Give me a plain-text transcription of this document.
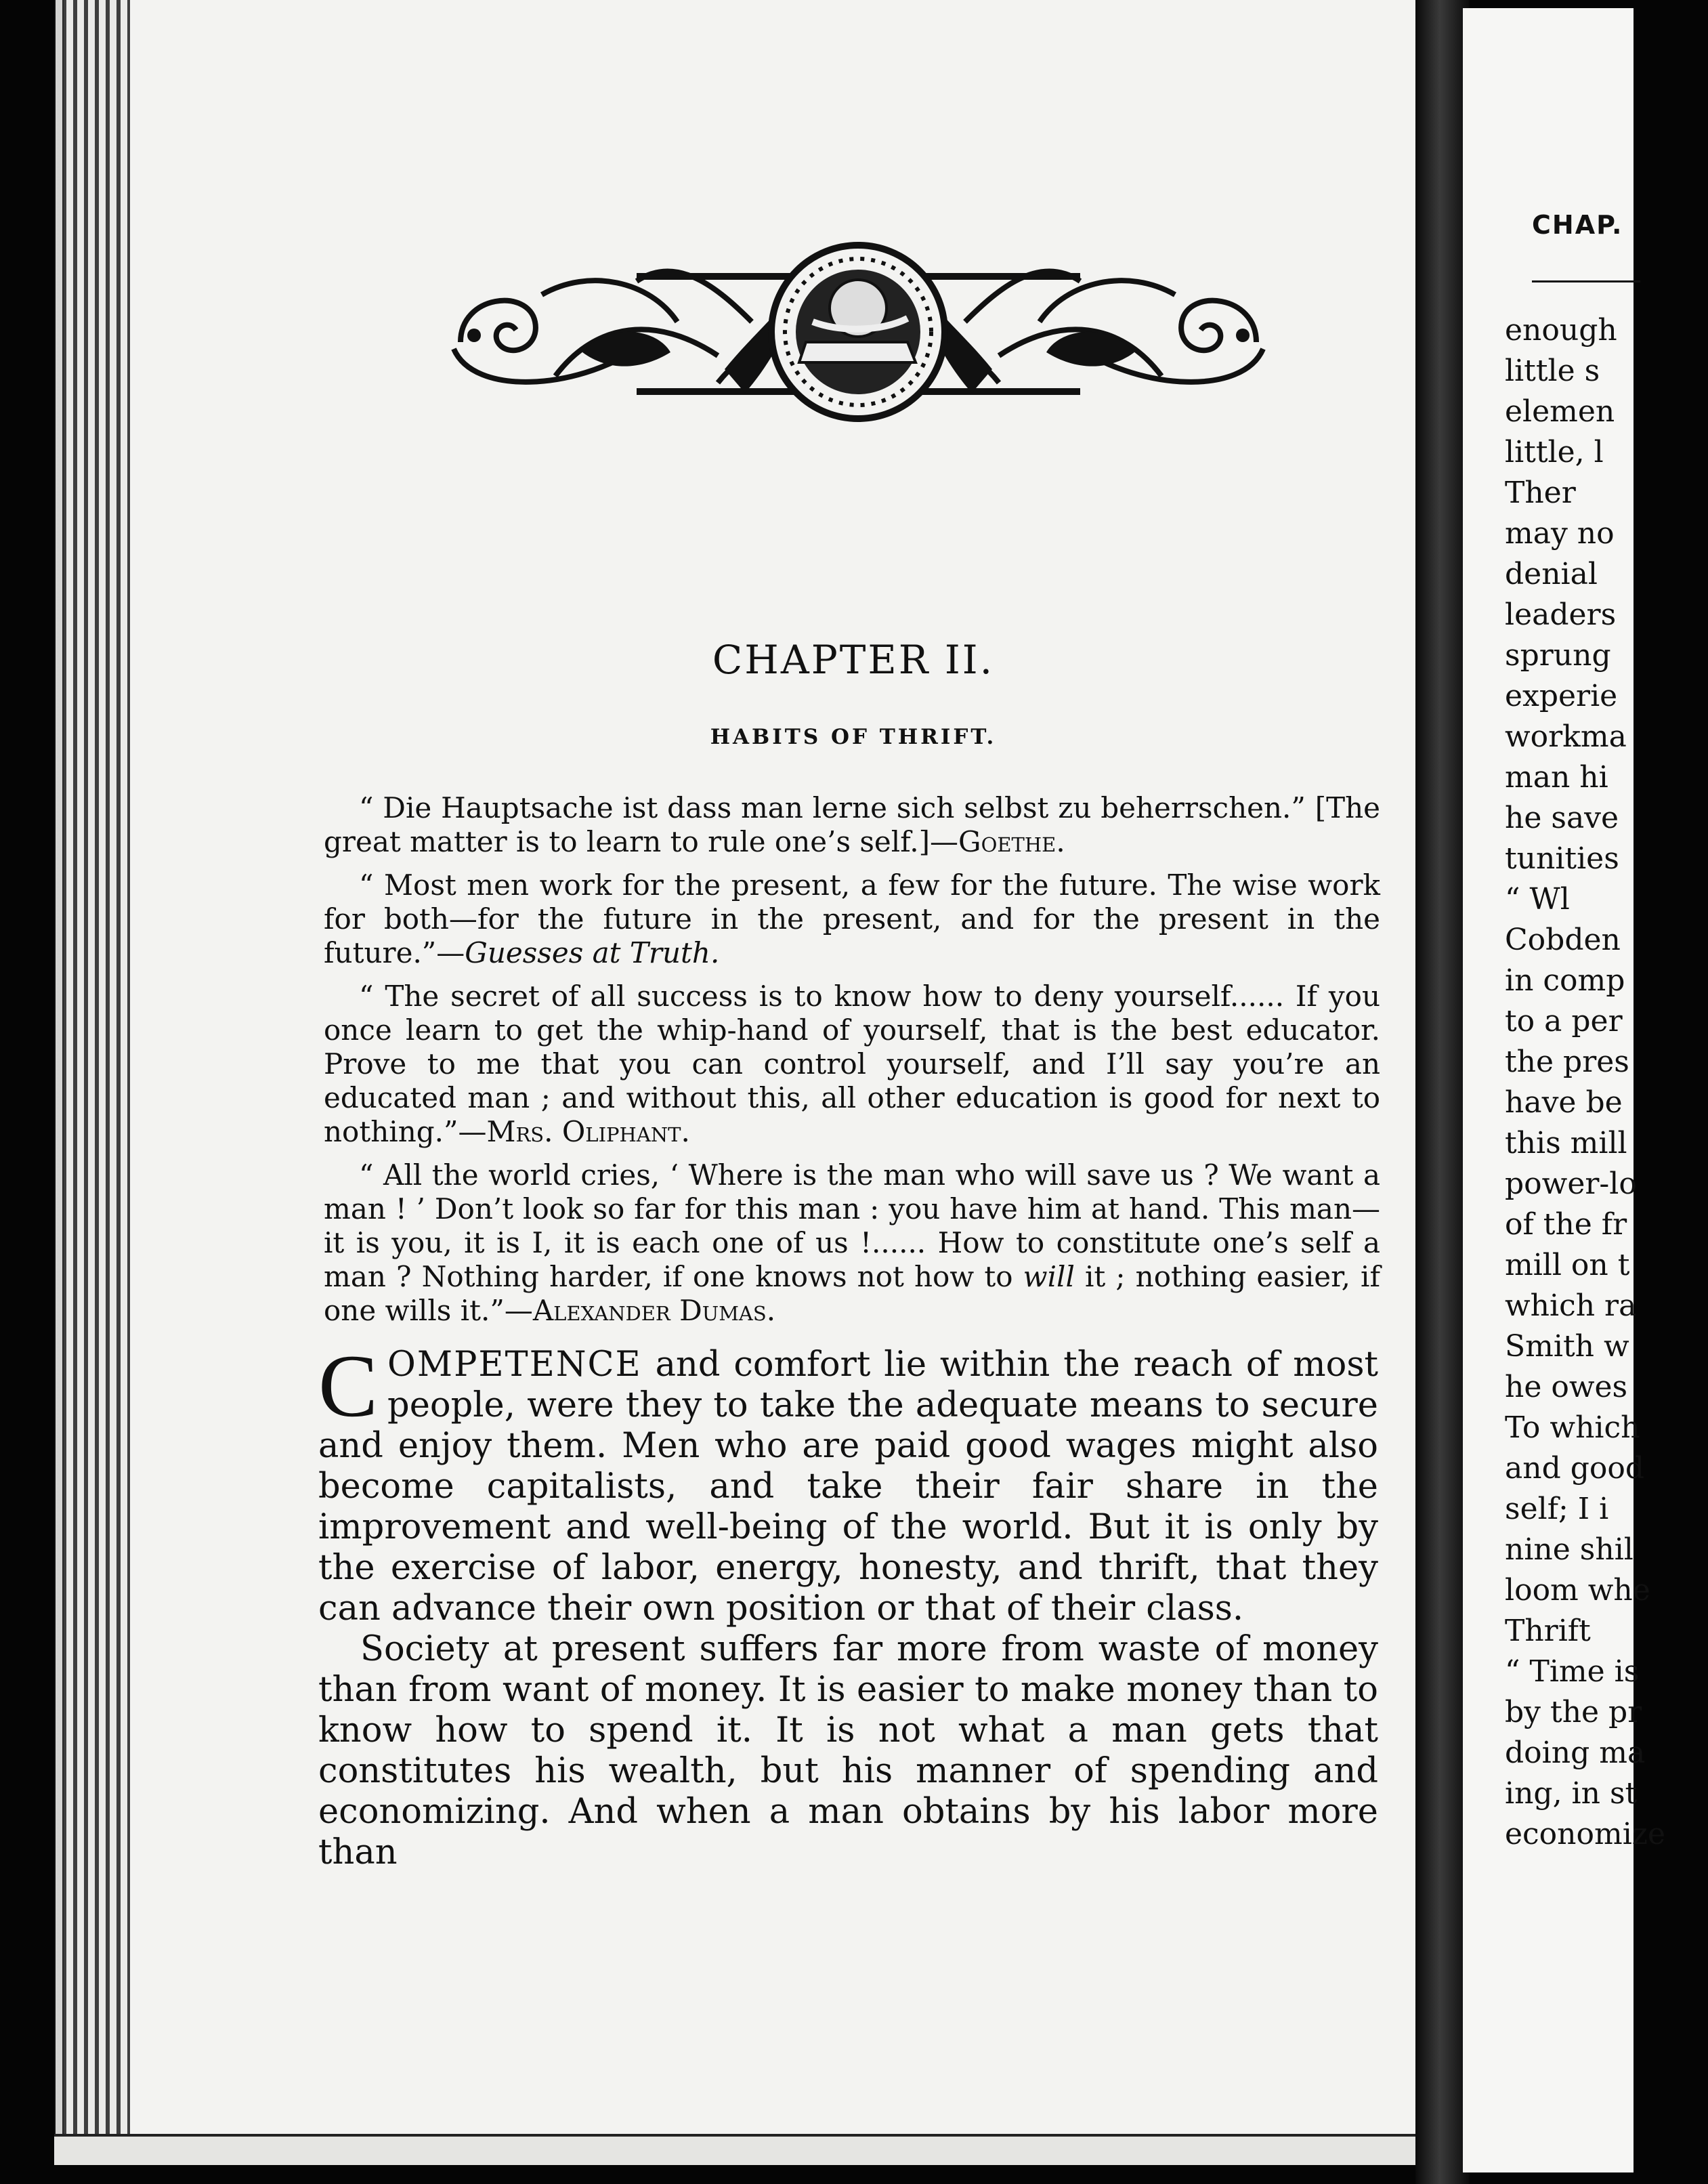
CHAPTER II.
HABITS OF THRIFT.

“ Die Hauptsache ist dass man lerne sich selbst zu beherrschen.” [The great matter is to learn to rule one’s self.]—Goethe.

“ Most men work for the present, a few for the future. The wise work for both—for the future in the present, and for the present in the future.”—Guesses at Truth.

“ The secret of all success is to know how to deny yourself...... If you once learn to get the whip-hand of yourself, that is the best educator. Prove to me that you can control yourself, and I’ll say you’re an educated man ; and without this, all other education is good for next to nothing.”—Mrs. Oliphant.

“ All the world cries, ‘ Where is the man who will save us ? We want a man ! ’ Don’t look so far for this man : you have him at hand. This man—it is you, it is I, it is each one of us !...... How to constitute one’s self a man ? Nothing harder, if one knows not how to will it ; nothing easier, if one wills it.”—Alexander Dumas.

COMPETENCE and comfort lie within the reach of most people, were they to take the adequate means to secure and enjoy them. Men who are paid good wages might also become capitalists, and take their fair share in the improvement and well-being of the world. But it is only by the exercise of labor, energy, honesty, and thrift, that they can advance their own position or that of their class.

Society at present suffers far more from waste of money than from want of money. It is easier to make money than to know how to spend it. It is not what a man gets that constitutes his wealth, but his manner of spending and economizing. And when a man obtains by his labor more than

CHAP.
enough
little s
elemen
little, l
Ther
may no
denial
leaders
sprung
experie
workma
man hi
he save
tunities
“ Wl
Cobden
in comp
to a per
the pres
have be
this mill
power-lo
of the fr
mill on t
which ra
Smith w
he owes
To which
and good
self; I i
nine shil
loom whe
Thrift
“ Time is
by the pr
doing ma
ing, in st
economize
